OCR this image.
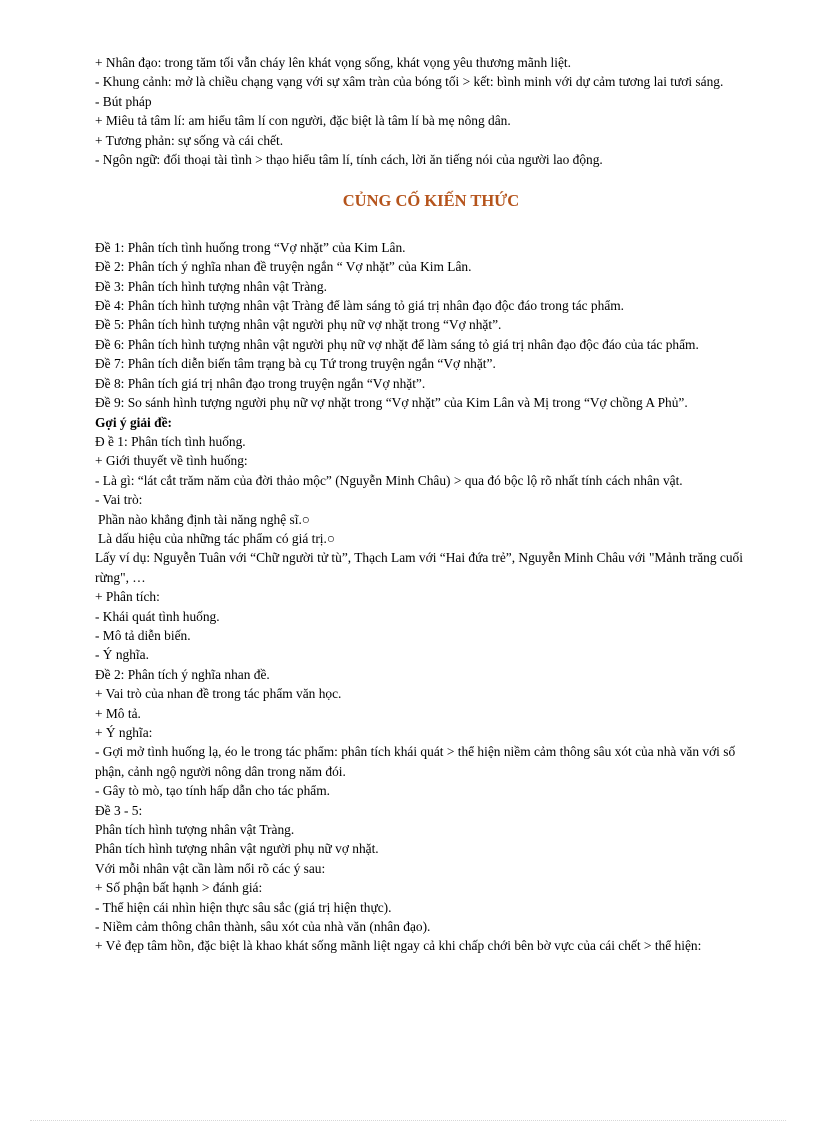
+ Nhân đạo: trong tăm tối vẫn cháy lên khát vọng sống, khát vọng yêu thương mãnh liệt.

- Khung cảnh: mở là chiều chạng vạng với sự xâm tràn của bóng tối > kết: bình minh với dự cảm tương lai tươi sáng.

- Bút pháp

+ Miêu tả tâm lí: am hiểu tâm lí con người, đặc biệt là tâm lí bà mẹ nông dân.

+ Tương phản: sự sống và cái chết.

- Ngôn ngữ: đối thoại tài tình > thạo hiểu tâm lí, tính cách, lời ăn tiếng nói của người lao động.

CỦNG CỐ KIẾN THỨC

Đề 1: Phân tích tình huống trong “Vợ nhặt” của Kim Lân.

Đề 2: Phân tích ý nghĩa nhan đề truyện ngắn “ Vợ nhặt” của Kim Lân.

Đề 3: Phân tích hình tượng nhân vật Tràng.

Đề 4: Phân tích hình tượng nhân vật Tràng để làm sáng tỏ giá trị nhân đạo độc đáo trong tác phẩm.

Đề 5: Phân tích hình tượng nhân vật người phụ nữ vợ nhặt trong “Vợ nhặt”.

Đề 6: Phân tích hình tượng nhân vật người phụ nữ vợ nhặt để làm sáng tỏ giá trị nhân đạo độc đáo của tác phẩm.

Đề 7: Phân tích diễn biến tâm trạng bà cụ Tứ trong truyện ngắn “Vợ nhặt”.

Đề 8: Phân tích giá trị nhân đạo trong truyện ngắn “Vợ nhặt”.

Đề 9: So sánh hình tượng người phụ nữ vợ nhặt trong “Vợ nhặt” của Kim Lân và Mị trong “Vợ chồng A Phủ”.

Gợi ý giải đề:

Đ ề 1: Phân tích tình huống.

+ Giới thuyết về tình huống:

- Là gì: “lát cắt trăm năm của đời thảo mộc” (Nguyễn Minh Châu) > qua đó bộc lộ rõ nhất tính cách nhân vật.

- Vai trò:

Phần nào khẳng định tài năng nghệ sĩ.○

Là dấu hiệu của những tác phẩm có giá trị.○

Lấy ví dụ: Nguyễn Tuân với “Chữ người tử tù”, Thạch Lam với “Hai đứa trẻ”, Nguyễn Minh Châu với "Mảnh trăng cuối rừng", …

+ Phân tích:

- Khái quát tình huống.

- Mô tả diễn biến.

- Ý nghĩa.

Đề 2: Phân tích ý nghĩa nhan đề.

+ Vai trò của nhan đề trong tác phẩm văn học.

+ Mô tả.

+ Ý nghĩa:

- Gợi mở tình huống lạ, éo le trong tác phẩm: phân tích khái quát > thể hiện niềm cảm thông sâu xót của nhà văn với số phận, cảnh ngộ người nông dân trong năm đói.

- Gây tò mò, tạo tính hấp dẫn cho tác phẩm.

Đề 3 - 5:

Phân tích hình tượng nhân vật Tràng.

Phân tích hình tượng nhân vật người phụ nữ vợ nhặt.

Với mỗi nhân vật cần làm nổi rõ các ý sau:

+ Số phận bất hạnh > đánh giá:

- Thể hiện cái nhìn hiện thực sâu sắc (giá trị hiện thực).

- Niềm cảm thông chân thành, sâu xót của nhà văn (nhân đạo).

+ Vẻ đẹp tâm hồn, đặc biệt là khao khát sống mãnh liệt ngay cả khi chấp chới bên bờ vực của cái chết > thể hiện:
